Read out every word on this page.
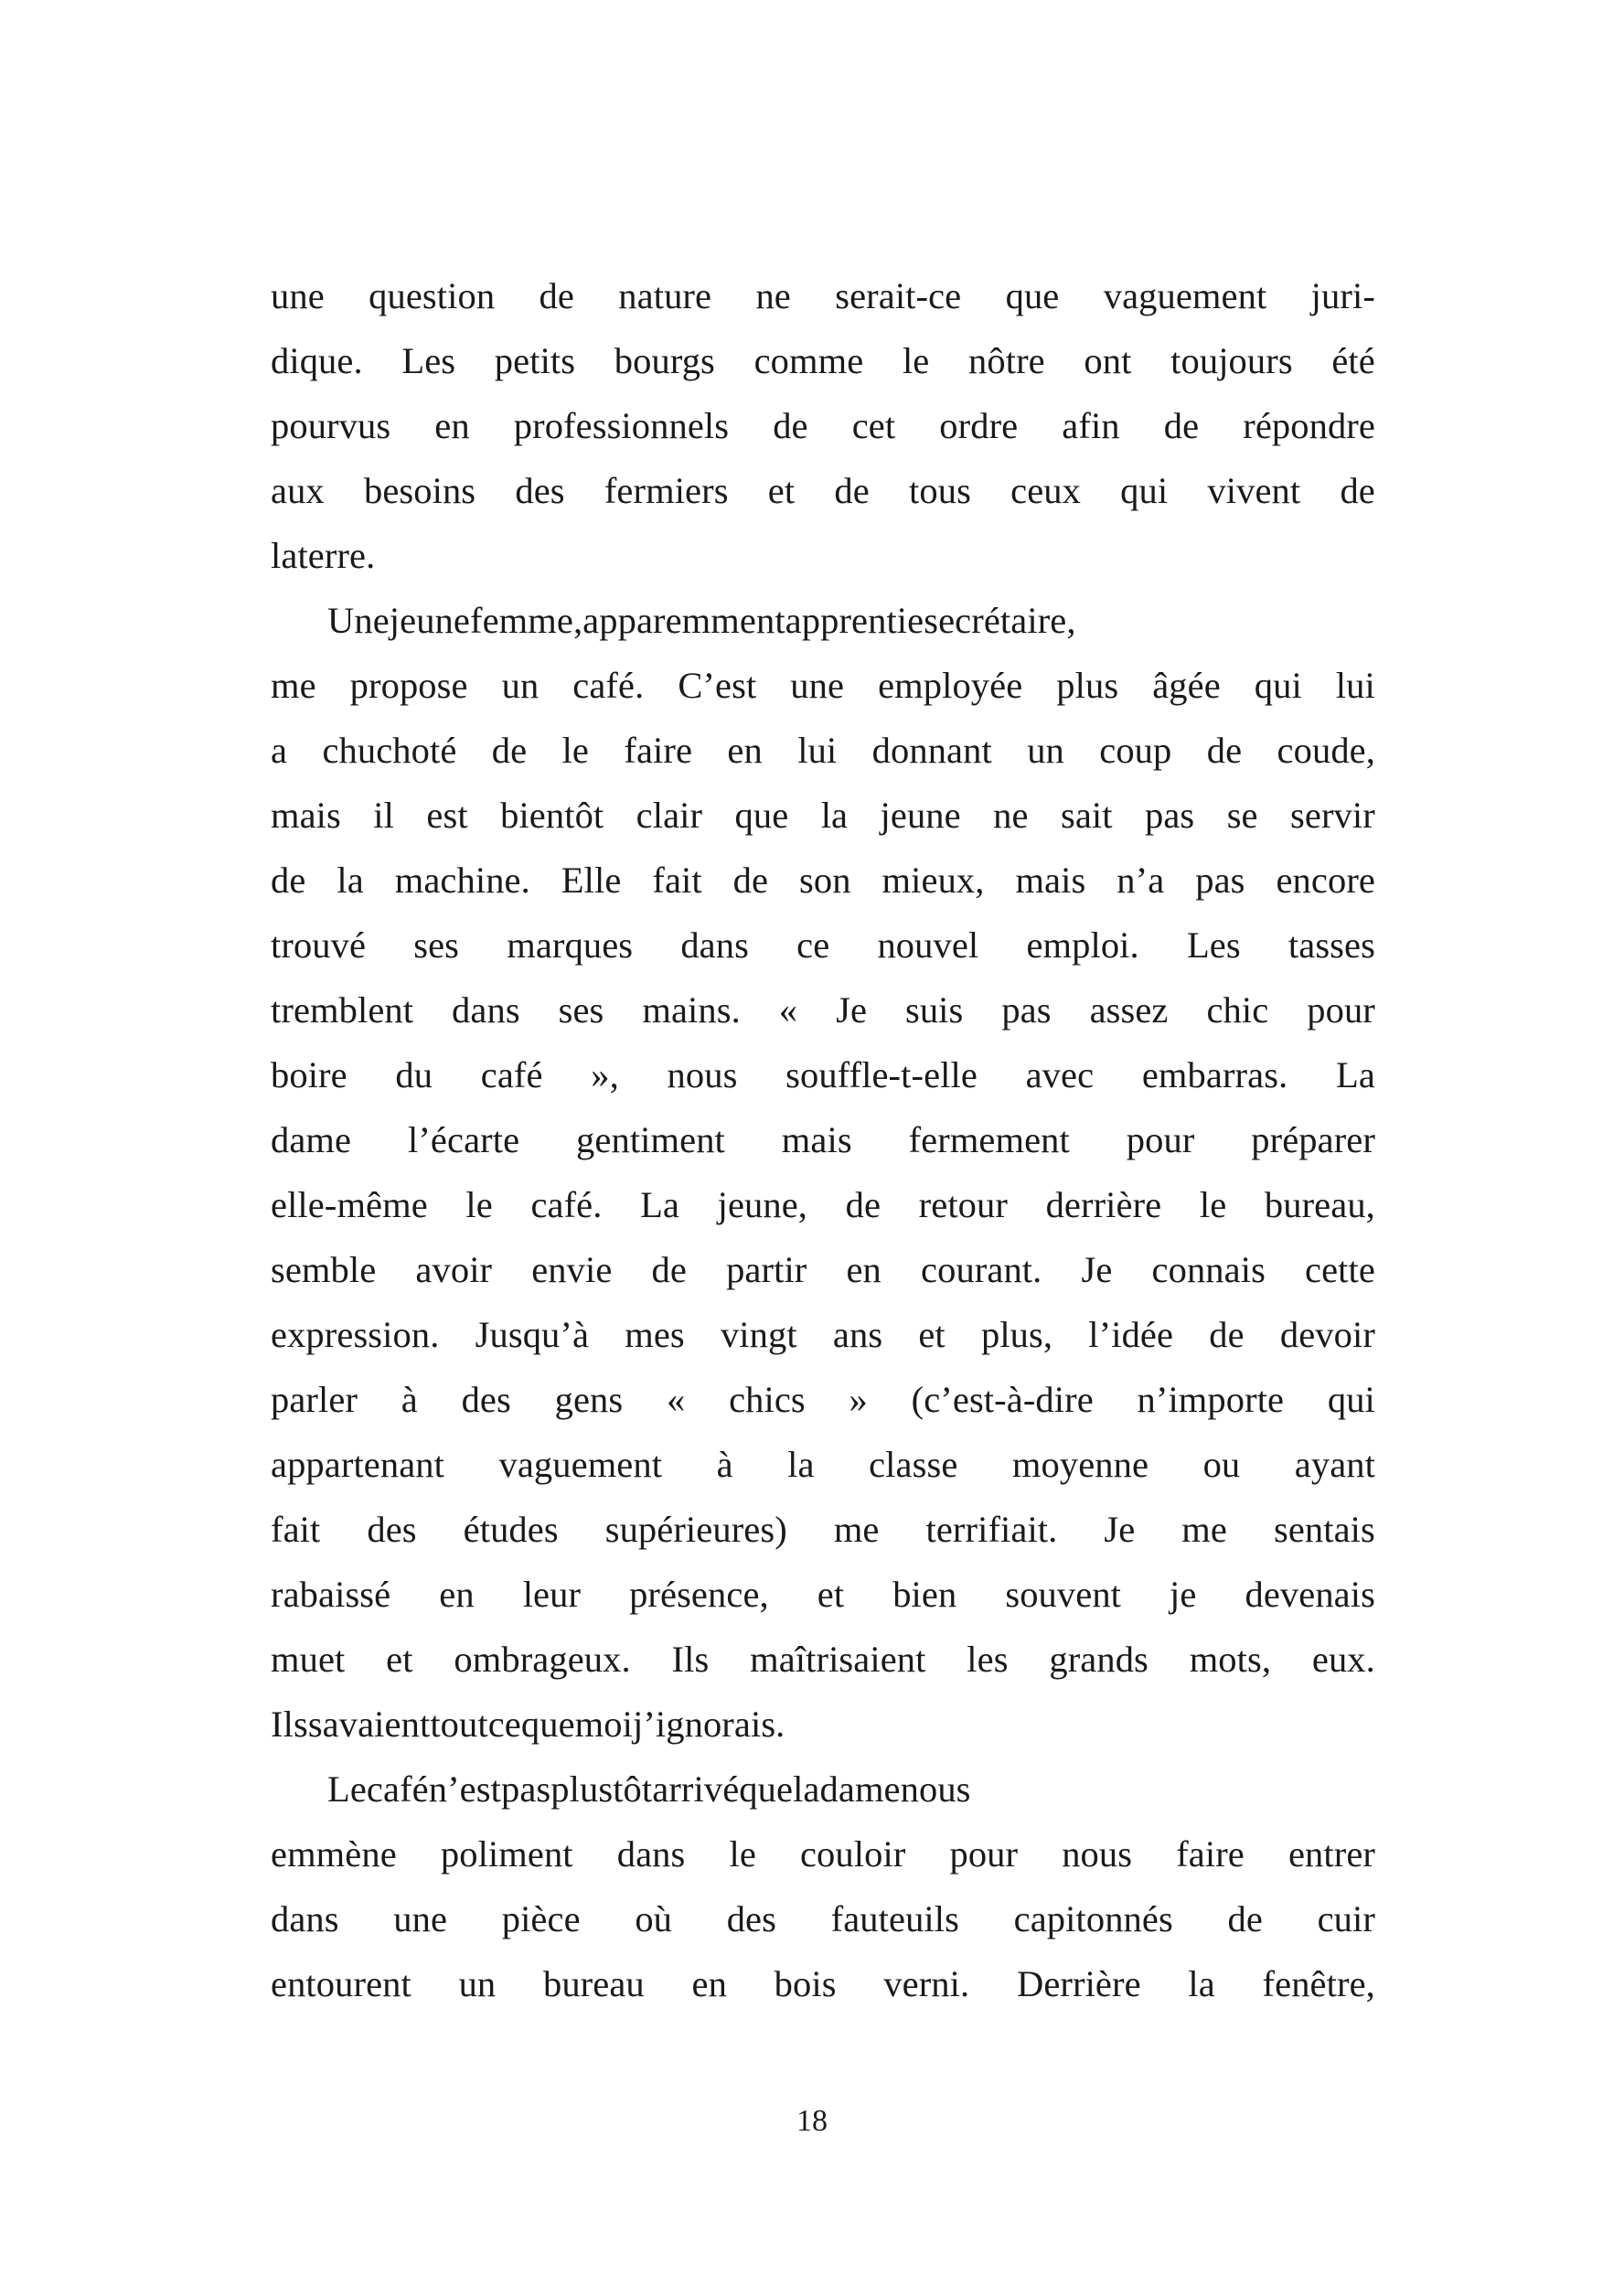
une question de nature ne serait-ce que vaguement juri-
dique. Les petits bourgs comme le nôtre ont toujours été
pourvus en professionnels de cet ordre afin de répondre
aux besoins des fermiers et de tous ceux qui vivent de
la terre.
Une jeune femme, apparemment apprentie secrétaire,
me propose un café. C’est une employée plus âgée qui lui
a chuchoté de le faire en lui donnant un coup de coude,
mais il est bientôt clair que la jeune ne sait pas se servir
de la machine. Elle fait de son mieux, mais n’a pas encore
trouvé ses marques dans ce nouvel emploi. Les tasses
tremblent dans ses mains. « Je suis pas assez chic pour
boire du café », nous souffle-t-elle avec embarras. La
dame l’écarte gentiment mais fermement pour préparer
elle-même le café. La jeune, de retour derrière le bureau,
semble avoir envie de partir en courant. Je connais cette
expression. Jusqu’à mes vingt ans et plus, l’idée de devoir
parler à des gens « chics » (c’est-à-dire n’importe qui
appartenant vaguement à la classe moyenne ou ayant
fait des études supérieures) me terrifiait. Je me sentais
rabaissé en leur présence, et bien souvent je devenais
muet et ombrageux. Ils maîtrisaient les grands mots, eux.
Ils savaient tout ce que moi j’ignorais.
Le café n’est pas plus tôt arrivé que la dame nous
emmène poliment dans le couloir pour nous faire entrer
dans une pièce où des fauteuils capitonnés de cuir
entourent un bureau en bois verni. Derrière la fenêtre,
18
